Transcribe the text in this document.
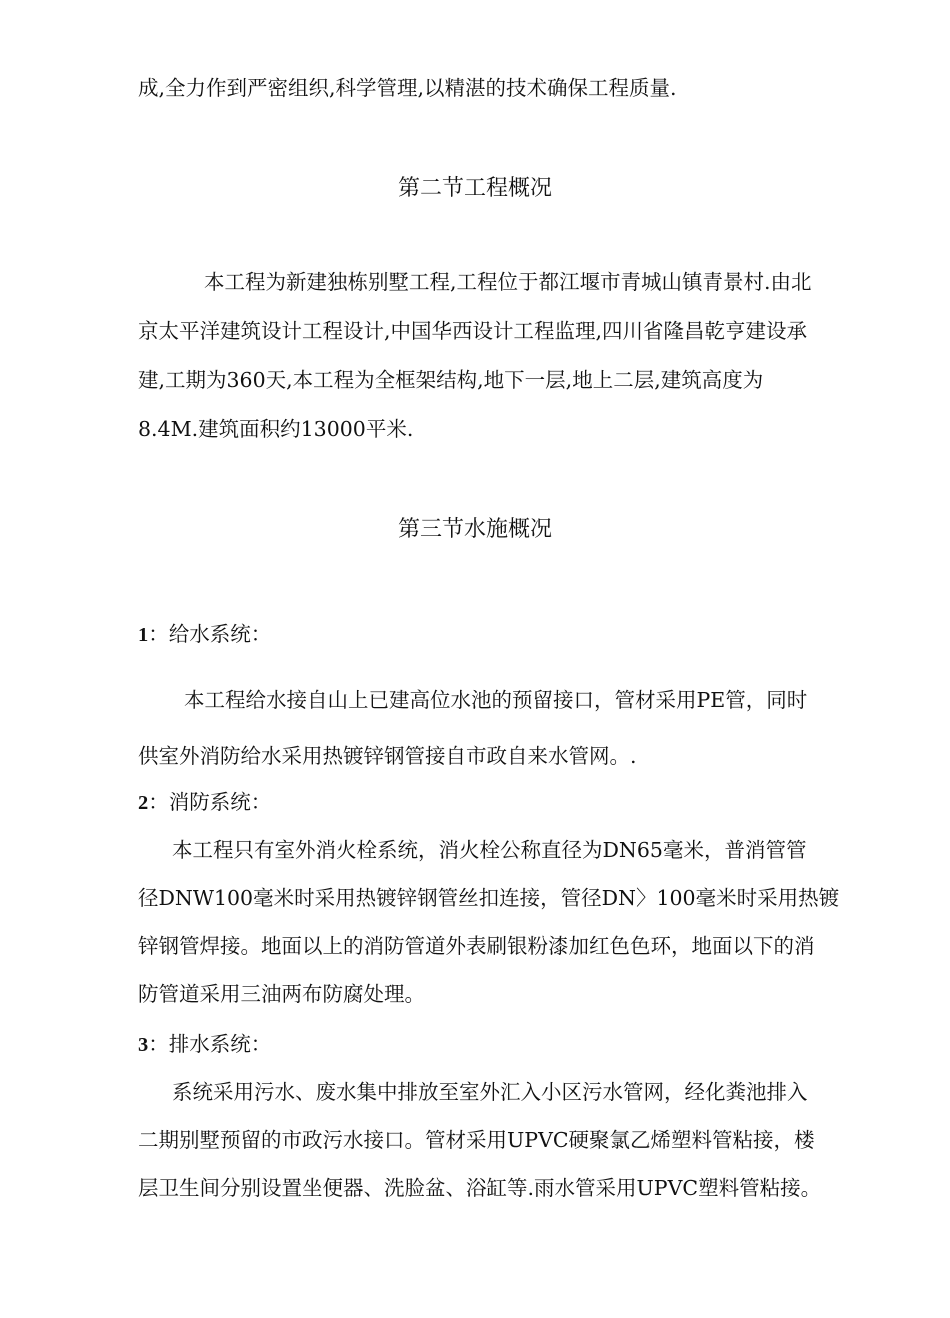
成,全力作到严密组织,科学管理,以精湛的技术确保工程质量.
第二节工程概况
本工程为新建独栋别墅工程,工程位于都江堰市青城山镇青景村.由北
京太平洋建筑设计工程设计,中国华西设计工程监理,四川省隆昌乾亨建设承
建,工期为360天,本工程为全框架结构,地下一层,地上二层,建筑高度为
8.4M.建筑面积约13000平米.
第三节水施概况
1：给水系统：
本工程给水接自山上已建高位水池的预留接口，管材采用PE管，同时
供室外消防给水采用热镀锌钢管接自市政自来水管网。.
2：消防系统：
本工程只有室外消火栓系统，消火栓公称直径为DN65毫米，普消管管
径DNW100毫米时采用热镀锌钢管丝扣连接，管径DN〉100毫米时采用热镀
锌钢管焊接。地面以上的消防管道外表刷银粉漆加红色色环，地面以下的消
防管道采用三油两布防腐处理。
3：排水系统：
系统采用污水、废水集中排放至室外汇入小区污水管网，经化粪池排入
二期别墅预留的市政污水接口。管材采用UPVC硬聚氯乙烯塑料管粘接，楼
层卫生间分别设置坐便器、洗脸盆、浴缸等.雨水管采用UPVC塑料管粘接。
